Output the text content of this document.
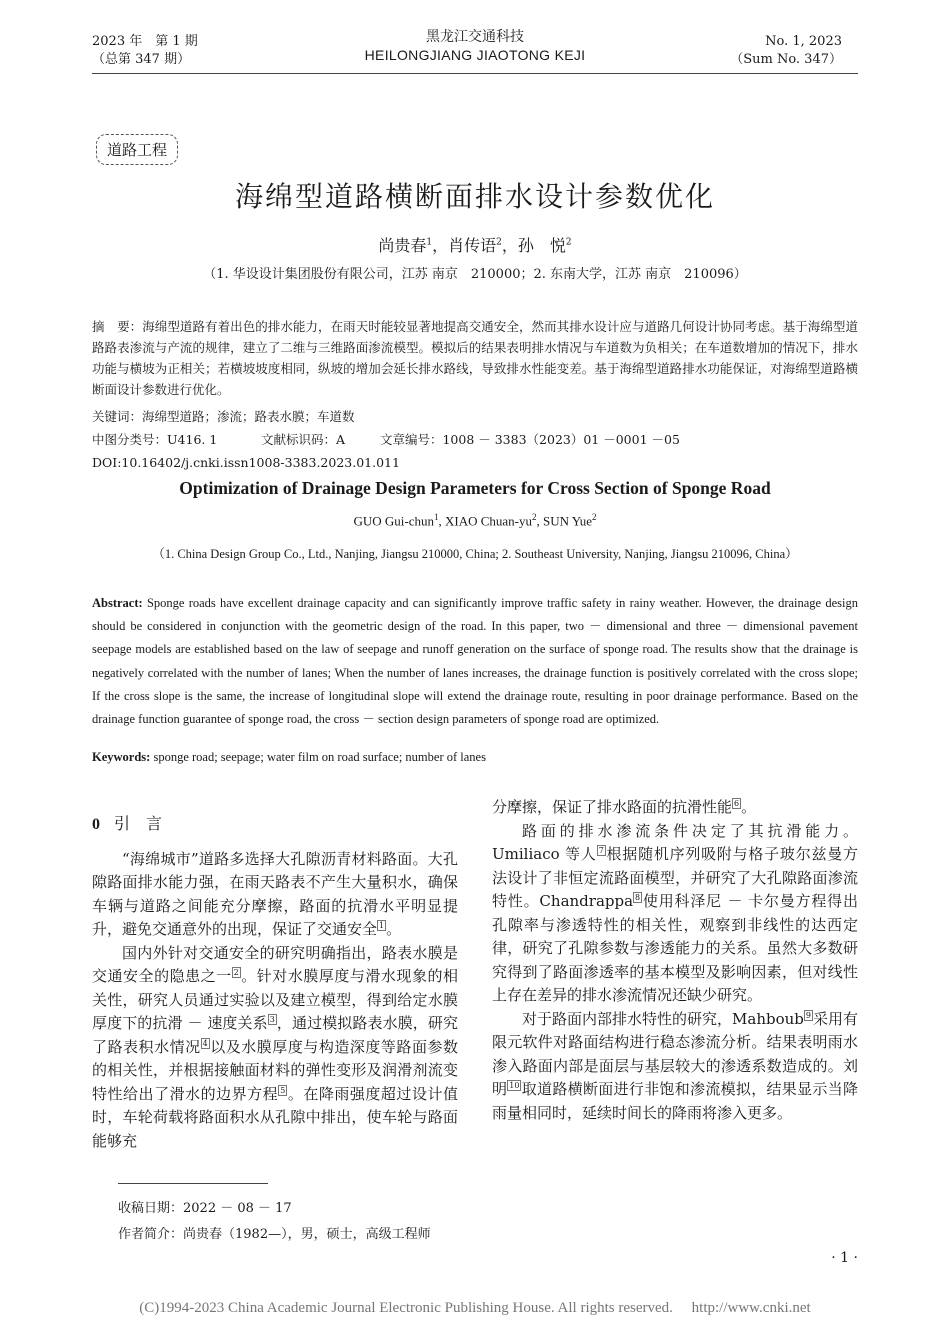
2023 年　第 1 期
（总第 347 期）
黑龙江交通科技
HEILONGJIANG JIAOTONG KEJI
No. 1, 2023
（Sum No. 347）
道路工程
海绵型道路横断面排水设计参数优化
尚贵春$^1$，肖传语$^2$，孙　悦$^2$
（1. 华设设计集团股份有限公司，江苏 南京　210000；2. 东南大学，江苏 南京　210096）
摘　要：海绵型道路有着出色的排水能力，在雨天时能较显著地提高交通安全，然而其排水设计应与道路几何设计协同考虑。基于海绵型道路路表渗流与产流的规律，建立了二维与三维路面渗流模型。模拟后的结果表明排水情况与车道数为负相关；在车道数增加的情况下，排水功能与横坡为正相关；若横坡坡度相同，纵坡的增加会延长排水路线，导致排水性能变差。基于海绵型道路排水功能保证，对海绵型道路横断面设计参数进行优化。
关键词：海绵型道路；渗流；路表水膜；车道数
中图分类号：U416. 1	文献标识码：A	文章编号：1008 － 3383（2023）01 －0001 －05
DOI:10.16402/j.cnki.issn1008-3383.2023.01.011
Optimization of Drainage Design Parameters for Cross Section of Sponge Road
GUO Gui-chun$^1$, XIAO Chuan-$yu^2$, SUN Yue$^2$
（1. China Design Group Co., Ltd., Nanjing, Jiangsu 210000, China; 2. Southeast University, Nanjing, Jiangsu 210096, China）
Abstract: Sponge roads have excellent drainage capacity and can significantly improve traffic safety in rainy weather. However, the drainage design should be considered in conjunction with the geometric design of the road. In this paper, two － dimensional and three － dimensional pavement seepage models are established based on the law of seepage and runoff generation on the surface of sponge road. The results show that the drainage is negatively correlated with the number of lanes; When the number of lanes increases, the drainage function is positively correlated with the cross slope; If the cross slope is the same, the increase of longitudinal slope will extend the drainage route, resulting in poor drainage performance. Based on the drainage function guarantee of sponge road, the cross － section design parameters of sponge road are optimized.
Keywords: sponge road; seepage; water film on road surface; number of lanes

0 引　言

“海绵城市”道路多选择大孔隙沥青材料路面。大孔隙路面排水能力强，在雨天路表不产生大量积水，确保车辆与道路之间能充分摩擦，路面的抗滑水平明显提升，避免交通意外的出现，保证了交通安全 $^1$ 。

国内外针对交通安全的研究明确指出，路表水膜是交通安全的隐患之一 $^2$ 。针对水膜厚度与滑水现象的相关性，研究人员通过实验以及建立模型，得到给定水膜厚度下的抗滑 － 速度关系 $^3$ ，通过模拟路表水膜，研究了路表积水情况 $^4$ 以及水膜厚度与构造深度等路面参数的相关性，并根据接触面材料的弹性变形及润滑剂流变特性给出了滑水的边界方程 $^5$ 。在降雨强度超过设计值时，车轮荷载将路面积水从孔隙中排出，使车轮与路面能够充

分摩擦，保证了排水路面的抗滑性能 $^6$ 。

路面的排水渗流条件决定了其抗滑能力。Umiliaco 等人 $^7$ 根据随机序列吸附与格子玻尔兹曼方法设计了非恒定流路面模型，并研究了大孔隙路面渗流特性。Chandrappa $^8$ 使用科泽尼 － 卡尔曼方程得出孔隙率与渗透特性的相关性，观察到非线性的达西定律，研究了孔隙参数与渗透能力的关系。虽然大多数研究得到了路面渗透率的基本模型及影响因素，但对线性上存在差异的排水渗流情况还缺少研究。

对于路面内部排水特性的研究，Mahboub $^9$ 采用有限元软件对路面结构进行稳态渗流分析。结果表明雨水渗入路面内部是面层与基层较大的渗透系数造成的。刘明 $^{10}$ 取道路横断面进行非饱和渗流模拟，结果显示当降雨量相同时，延续时间长的降雨将渗入更多。

收稿日期：2022 － 08 － 17
作者简介：尚贵春（1982—），男，硕士，高级工程师
· 1 ·
(C)1994-2023 China Academic Journal Electronic Publishing House. All rights reserved.　 http://www.cnki.net
